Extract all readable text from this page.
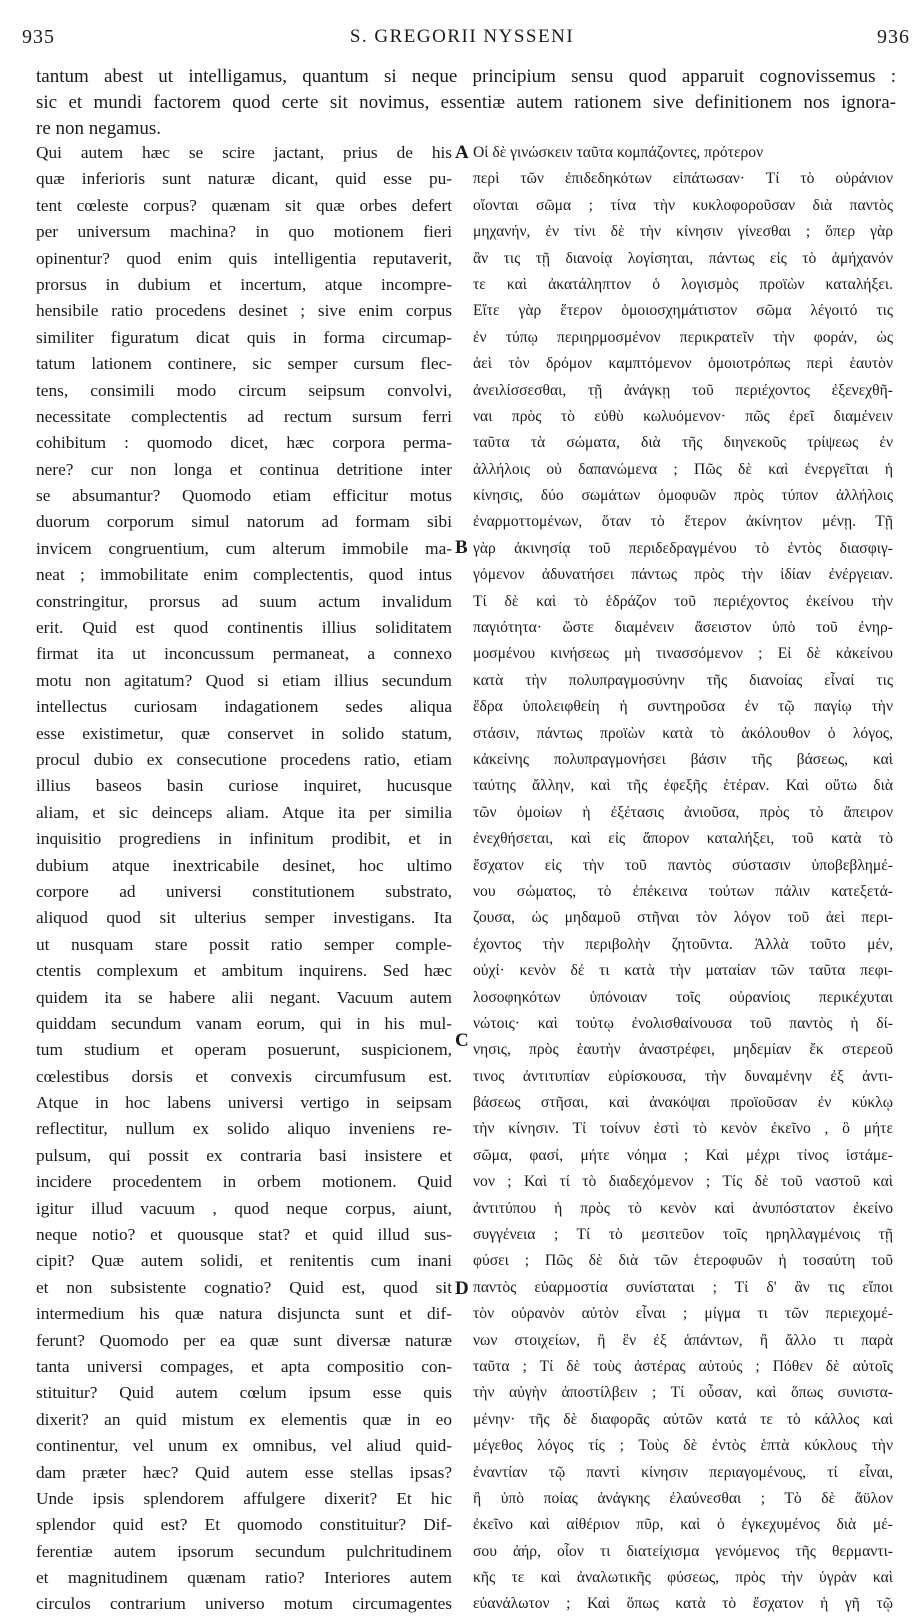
935	S. GREGORII NYSSENI	936
tantum abest ut intelligamus, quantum si neque principium sensu quod apparuit cognovissemus :
sic et mundi factorem quod certe sit novimus, essentiæ autem rationem sive definitionem nos ignora-
re non negamus.
Qui autem hæc se scire jactant, prius de his
quæ inferioris sunt naturæ dicant, quid esse pu-
tent cœleste corpus? quænam sit quæ orbes defert
per universum machina? in quo motionem fieri
opinentur? quod enim quis intelligentia reputaverit,
prorsus in dubium et incertum, atque incompre-
hensibile ratio procedens desinet ; sive enim corpus
similiter figuratum dicat quis in forma circumap-
tatum lationem continere, sic semper cursum flec-
tens, consimili modo circum seipsum convolvi,
necessitate complectentis ad rectum sursum ferri
cohibitum : quomodo dicet, hæc corpora perma-
nere? cur non longa et continua detritione inter
se absumantur? Quomodo etiam efficitur motus
duorum corporum simul natorum ad formam sibi
invicem congruentium, cum alterum immobile ma-
neat ; immobilitate enim complectentis, quod intus
constringitur, prorsus ad suum actum invalidum
erit. Quid est quod continentis illius soliditatem
firmat ita ut inconcussum permaneat, a connexo
motu non agitatum? Quod si etiam illius secundum
intellectus curiosam indagationem sedes aliqua
esse existimetur, quæ conservet in solido statum,
procul dubio ex consecutione procedens ratio, etiam
illius baseos basin curiose inquiret, hucusque
aliam, et sic deinceps aliam. Atque ita per similia
inquisitio progrediens in infinitum prodibit, et in
dubium atque inextricabile desinet, hoc ultimo
corpore ad universi constitutionem substrato,
aliquod quod sit ulterius semper investigans. Ita
ut nusquam stare possit ratio semper comple-
ctentis complexum et ambitum inquirens. Sed hæc
quidem ita se habere alii negant. Vacuum autem
quiddam secundum vanam eorum, qui in his mul-
tum studium et operam posuerunt, suspicionem,
cœlestibus dorsis et convexis circumfusum est.
Atque in hoc labens universi vertigo in seipsam
reflectitur, nullum ex solido aliquo inveniens re-
pulsum, qui possit ex contraria basi insistere et
incidere procedentem in orbem motionem. Quid
igitur illud vacuum , quod neque corpus, aiunt,
neque notio? et quousque stat? et quid illud sus-
cipit? Quæ autem solidi, et renitentis cum inani
et non subsistente cognatio? Quid est, quod sit
intermedium his quæ natura disjuncta sunt et dif-
ferunt? Quomodo per ea quæ sunt diversæ naturæ
tanta universi compages, et apta compositio con-
stituitur? Quid autem cœlum ipsum esse quis
dixerit? an quid mistum ex elementis quæ in eo
continentur, vel unum ex omnibus, vel aliud quid-
dam præter hæc? Quid autem esse stellas ipsas?
Unde ipsis splendorem affulgere dixerit? Et hic
splendor quid est? Et quomodo constituitur? Dif-
ferentiæ autem ipsorum secundum pulchritudinem
et magnitudinem quænam ratio? Interiores autem
circulos contrarium universo motum circumagentes
A
B
C
D
Οἱ δὲ γινώσκειν ταῦτα κομπάζοντες, πρότερον
περὶ τῶν ἐπιδεδηκότων εἰπάτωσαν· Τί τὸ οὐράνιον
οἴονται σῶμα ; τίνα τὴν κυκλοφοροῦσαν διὰ παντὸς
μηχανήν, ἐν τίνι δὲ τὴν κίνησιν γίνεσθαι ; ὅπερ γὰρ
ἂν τις τῇ διανοίᾳ λογίσηται, πάντως εἰς τὸ ἀμήχανόν
τε καὶ ἀκατάληπτον ὁ λογισμὸς προϊὼν καταλήξει.
Εἴτε γὰρ ἕτερον ὁμοιοσχημάτιστον σῶμα λέγοιτό τις
ἐν τύπῳ περιηρμοσμένον περικρατεῖν τὴν φοράν, ὡς
ἀεὶ τὸν δρόμον καμπτόμενον ὁμοιοτρόπως περὶ ἑαυτὸν
ἀνειλίσσεσθαι, τῇ ἀνάγκῃ τοῦ περιέχοντος ἐξενεχθῆ-
ναι πρὸς τὸ εὐθὺ κωλυόμενον· πῶς ἐρεῖ διαμένειν
ταῦτα τὰ σώματα, διὰ τῆς διηνεκοῦς τρίψεως ἐν
ἀλλήλοις οὐ δαπανώμενα ; Πῶς δὲ καὶ ἐνεργεῖται ἡ
κίνησις, δύο σωμάτων ὁμοφυῶν πρὸς τύπον ἀλλήλοις
ἐναρμοττομένων, ὅταν τὸ ἕτερον ἀκίνητον μένῃ. Τῇ
γὰρ ἀκινησίᾳ τοῦ περιδεδραγμένου τὸ ἐντὸς διασφιγ-
γόμενον ἀδυνατήσει πάντως πρὸς τὴν ἰδίαν ἐνέργειαν.
Τί δὲ καὶ τὸ ἑδράζον τοῦ περιέχοντος ἐκείνου τὴν
παγιότητα· ὥστε διαμένειν ἄσειστον ὑπὸ τοῦ ἐνηρ-
μοσμένου κινήσεως μὴ τινασσόμενον ; Εἰ δὲ κἀκείνου
κατὰ τὴν πολυπραγμοσύνην τῆς διανοίας εἶναί τις
ἕδρα ὑπολειφθείη ἡ συντηροῦσα ἐν τῷ παγίῳ τὴν
στάσιν, πάντως προϊὼν κατὰ τὸ ἀκόλουθον ὁ λόγος,
κἀκείνης πολυπραγμονήσει βάσιν τῆς βάσεως, καὶ
ταύτης ἄλλην, καὶ τῆς ἐφεξῆς ἑτέραν. Καὶ οὕτω διὰ
τῶν ὁμοίων ἡ ἐξέτασις ἀνιοῦσα, πρὸς τὸ ἄπειρον
ἐνεχθήσεται, καὶ εἰς ἄπορον καταλήξει, τοῦ κατὰ τὸ
ἔσχατον εἰς τὴν τοῦ παντὸς σύστασιν ὑποβεβλημέ-
νου σώματος, τὸ ἐπέκεινα τούτων πάλιν κατεξετά-
ζουσα, ὡς μηδαμοῦ στῆναι τὸν λόγον τοῦ ἀεὶ περι-
έχοντος τὴν περιβολὴν ζητοῦντα. Ἀλλὰ τοῦτο μέν,
οὐχί· κενὸν δέ τι κατὰ τὴν ματαίαν τῶν ταῦτα πεφι-
λοσοφηκότων ὑπόνοιαν τοῖς οὐρανίοις περικέχυται
νώτοις· καὶ τούτῳ ἐνολισθαίνουσα τοῦ παντὸς ἡ δί-
νησις, πρὸς ἑαυτὴν ἀναστρέφει, μηδεμίαν ἔκ στερεοῦ
τινος ἀντιτυπίαν εὑρίσκουσα, τὴν δυναμένην ἐξ ἀντι-
βάσεως στῆσαι, καὶ ἀνακόψαι προϊοῦσαν ἐν κύκλῳ
τὴν κίνησιν. Τί τοίνυν ἐστὶ τὸ κενὸν ἐκεῖνο , ὃ μήτε
σῶμα, φασί, μήτε νόημα ; Καὶ μέχρι τίνος ἱστάμε-
νον ; Καὶ τί τὸ διαδεχόμενον ; Τίς δὲ τοῦ ναστοῦ καὶ
ἀντιτύπου ἡ πρὸς τὸ κενὸν καὶ ἀνυπόστατον ἐκείνο
συγγένεια ; Τί τὸ μεσιτεῦον τοῖς ηρηλλαγμένοις τῇ
φύσει ; Πῶς δὲ διὰ τῶν ἑτεροφυῶν ἡ τοσαύτη τοῦ
παντὸς εὐαρμοστία συνίσταται ; Τί δ' ἂν τις εἴποι
τὸν οὐρανὸν αὐτὸν εἶναι ; μίγμα τι τῶν περιεχομέ-
νων στοιχείων, ἢ ἓν ἐξ ἁπάντων, ἢ ἄλλο τι παρὰ
ταῦτα ; Τί δὲ τοὺς ἀστέρας αὐτούς ; Πόθεν δὲ αὐτοῖς
τὴν αὐγὴν ἀποστίλβειν ; Τί οὖσαν, καὶ ὅπως συνιστα-
μένην· τῆς δὲ διαφορᾶς αὐτῶν κατά τε τὸ κάλλος καὶ
μέγεθος λόγος τίς ; Τοὺς δὲ ἐντὸς ἑπτὰ κύκλους τὴν
ἐναντίαν τῷ παντὶ κίνησιν περιαγομένους, τί εἶναι,
ἢ ὑπὸ ποίας ἀνάγκης ἐλαύνεσθαι ; Τὸ δὲ ἄϋλον
ἐκεῖνο καὶ αἰθέριον πῦρ, καὶ ὁ ἐγκεχυμένος διὰ μέ-
σου ἀήρ, οἷον τι διατείχισμα γενόμενος τῆς θερμαντι-
κῆς τε καὶ ἀναλωτικῆς φύσεως, πρὸς τὴν ὑγρὰν καὶ
εὐανάλωτον ; Καὶ ὅπως κατὰ τὸ ἔσχατον ἡ γῆ τῷ
